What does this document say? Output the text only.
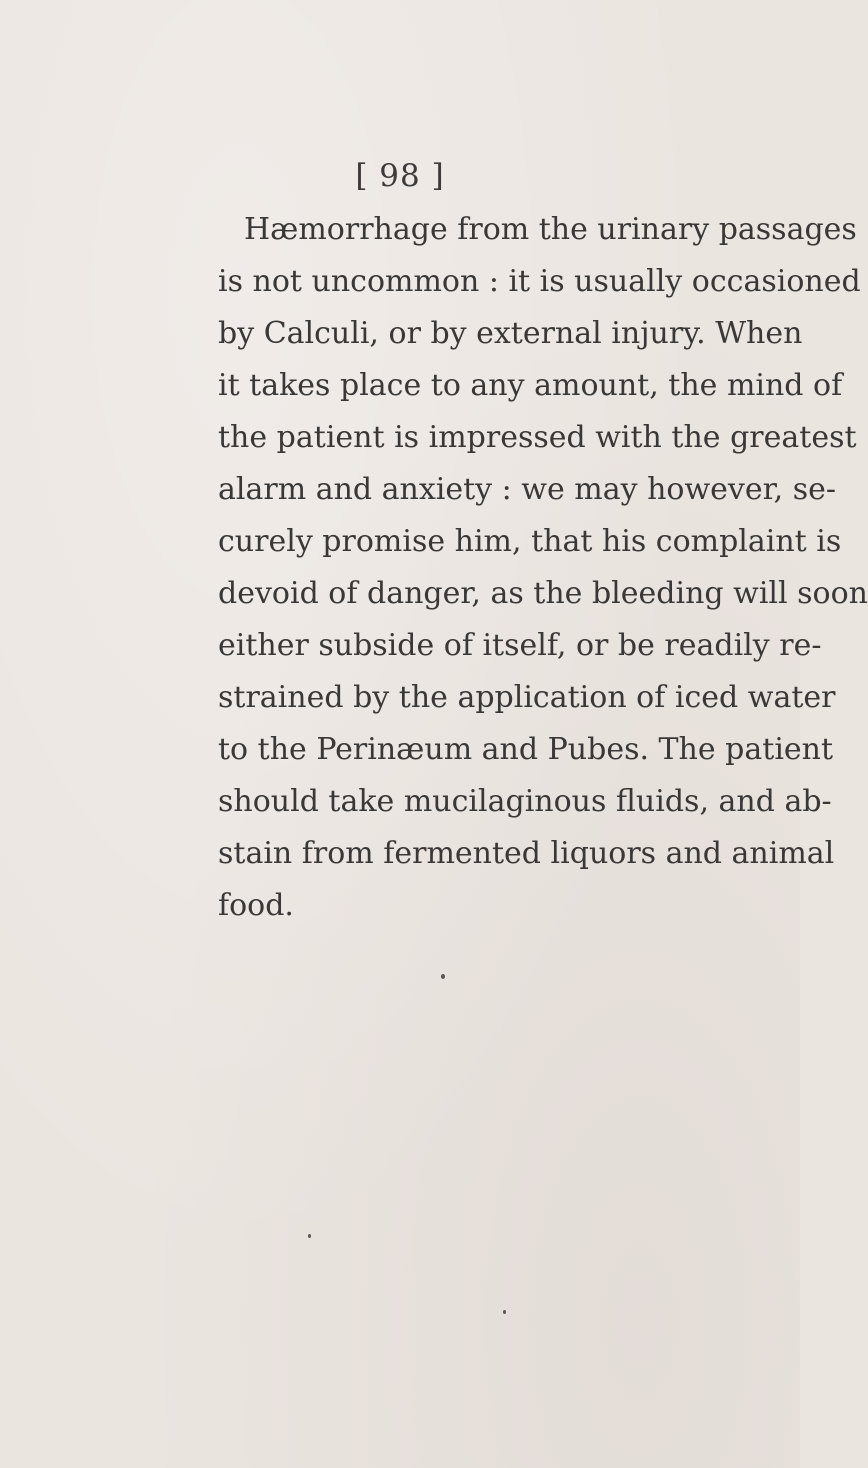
[ 98 ]
Hæmorrhage from the urinary passages
is not uncommon : it is usually occasioned
by Calculi, or by external injury. When
it takes place to any amount, the mind of
the patient is impressed with the greatest
alarm and anxiety : we may however, se-
curely promise him, that his complaint is
devoid of danger, as the bleeding will soon
either subside of itself, or be readily re-
strained by the application of iced water
to the Perinæum and Pubes. The patient
should take mucilaginous fluids, and ab-
stain from fermented liquors and animal
food.
